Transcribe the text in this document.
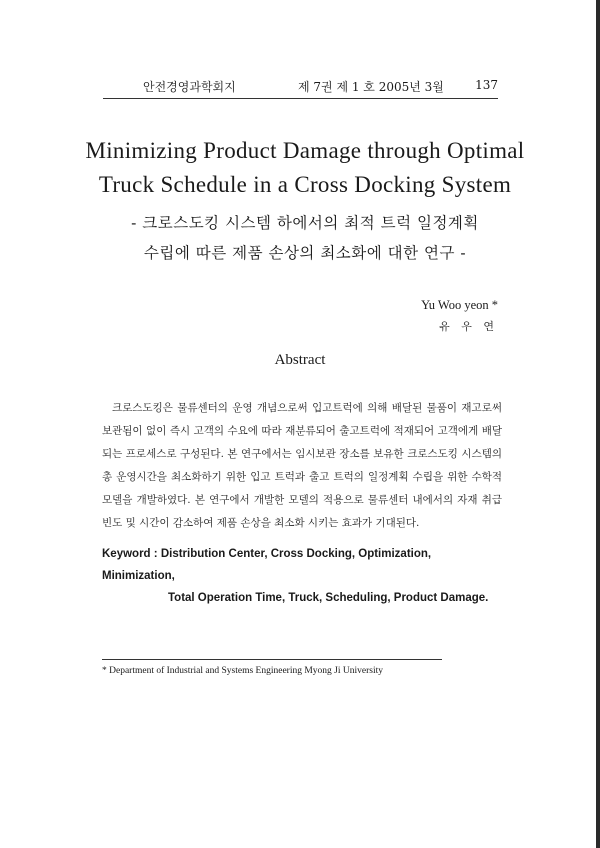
안전경영과학회지	제 7권 제 1 호 2005년 3월	137
Minimizing Product Damage through Optimal
Truck Schedule in a Cross Docking System
- 크로스도킹 시스템 하에서의 최적 트럭 일정계획
수립에 따른 제품 손상의 최소화에 대한 연구 -
Yu Woo yeon *
유 우 연
Abstract
크로스도킹은 물류센터의 운영 개념으로써 입고트럭에 의해 배달된 물품이 재고로써 보관됨이 없이 즉시 고객의 수요에 따라 재분류되어 출고트럭에 적재되어 고객에게 배달되는 프로세스로 구성된다. 본 연구에서는 임시보관 장소를 보유한 크로스도킹 시스템의 총 운영시간을 최소화하기 위한 입고 트럭과 출고 트럭의 일정계획 수립을 위한 수학적 모델을 개발하였다. 본 연구에서 개발한 모델의 적용으로 물류센터 내에서의 자재 취급 빈도 및 시간이 감소하여 제품 손상을 최소화 시키는 효과가 기대된다.
Keyword : Distribution Center, Cross Docking, Optimization, Minimization,
Total Operation Time, Truck, Scheduling, Product Damage.
* Department of Industrial and Systems Engineering Myong Ji University
